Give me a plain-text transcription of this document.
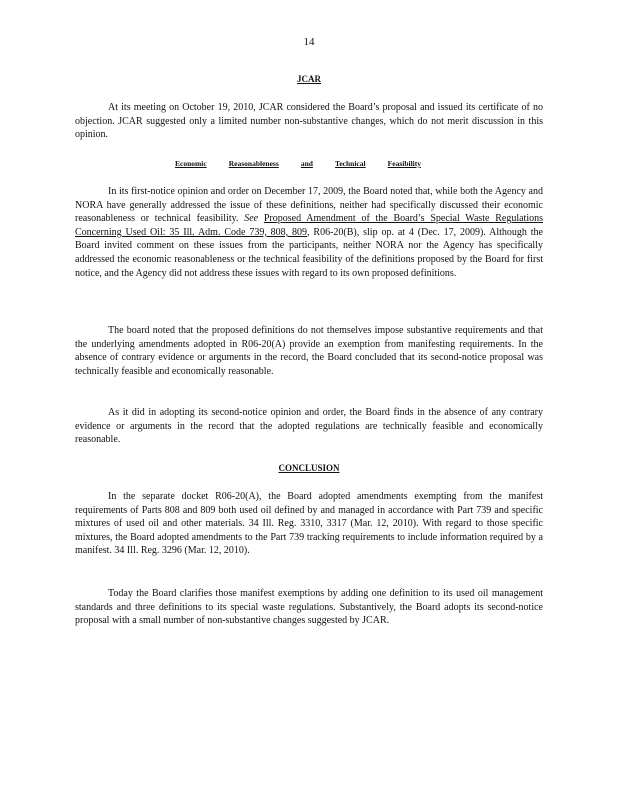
14
JCAR

At its meeting on October 19, 2010, JCAR considered the Board’s proposal and issued its certificate of no objection. JCAR suggested only a limited number non-substantive changes, which do not merit discussion in this opinion.

Economic	Reasonableness	and	Technical	Feasibility

In its first-notice opinion and order on December 17, 2009, the Board noted that, while both the Agency and NORA have generally addressed the issue of these definitions, neither had specifically discussed their economic reasonableness or technical feasibility. See Proposed Amendment of the Board’s Special Waste Regulations Concerning Used Oil: 35 Ill. Adm. Code 739, 808, 809, R06-20(B), slip op. at 4 (Dec. 17, 2009). Although the Board invited comment on these issues from the participants, neither NORA nor the Agency has specifically addressed the economic reasonableness or the technical feasibility of the definitions proposed by the Board for first notice, and the Agency did not address these issues with regard to its own proposed definitions.

The board noted that the proposed definitions do not themselves impose substantive requirements and that the underlying amendments adopted in R06-20(A) provide an exemption from manifesting requirements. In the absence of contrary evidence or arguments in the record, the Board concluded that its second-notice proposal was technically feasible and economically reasonable.

As it did in adopting its second-notice opinion and order, the Board finds in the absence of any contrary evidence or arguments in the record that the adopted regulations are technically feasible and economically reasonable.

CONCLUSION

In the separate docket R06-20(A), the Board adopted amendments exempting from the manifest requirements of Parts 808 and 809 both used oil defined by and managed in accordance with Part 739 and specific mixtures of used oil and other materials. 34 Ill. Reg. 3310, 3317 (Mar. 12, 2010). With regard to those specific mixtures, the Board adopted amendments to the Part 739 tracking requirements to include information required by a manifest. 34 Ill. Reg. 3296 (Mar. 12, 2010).

Today the Board clarifies those manifest exemptions by adding one definition to its used oil management standards and three definitions to its special waste regulations. Substantively, the Board adopts its second-notice proposal with a small number of non-substantive changes suggested by JCAR.
